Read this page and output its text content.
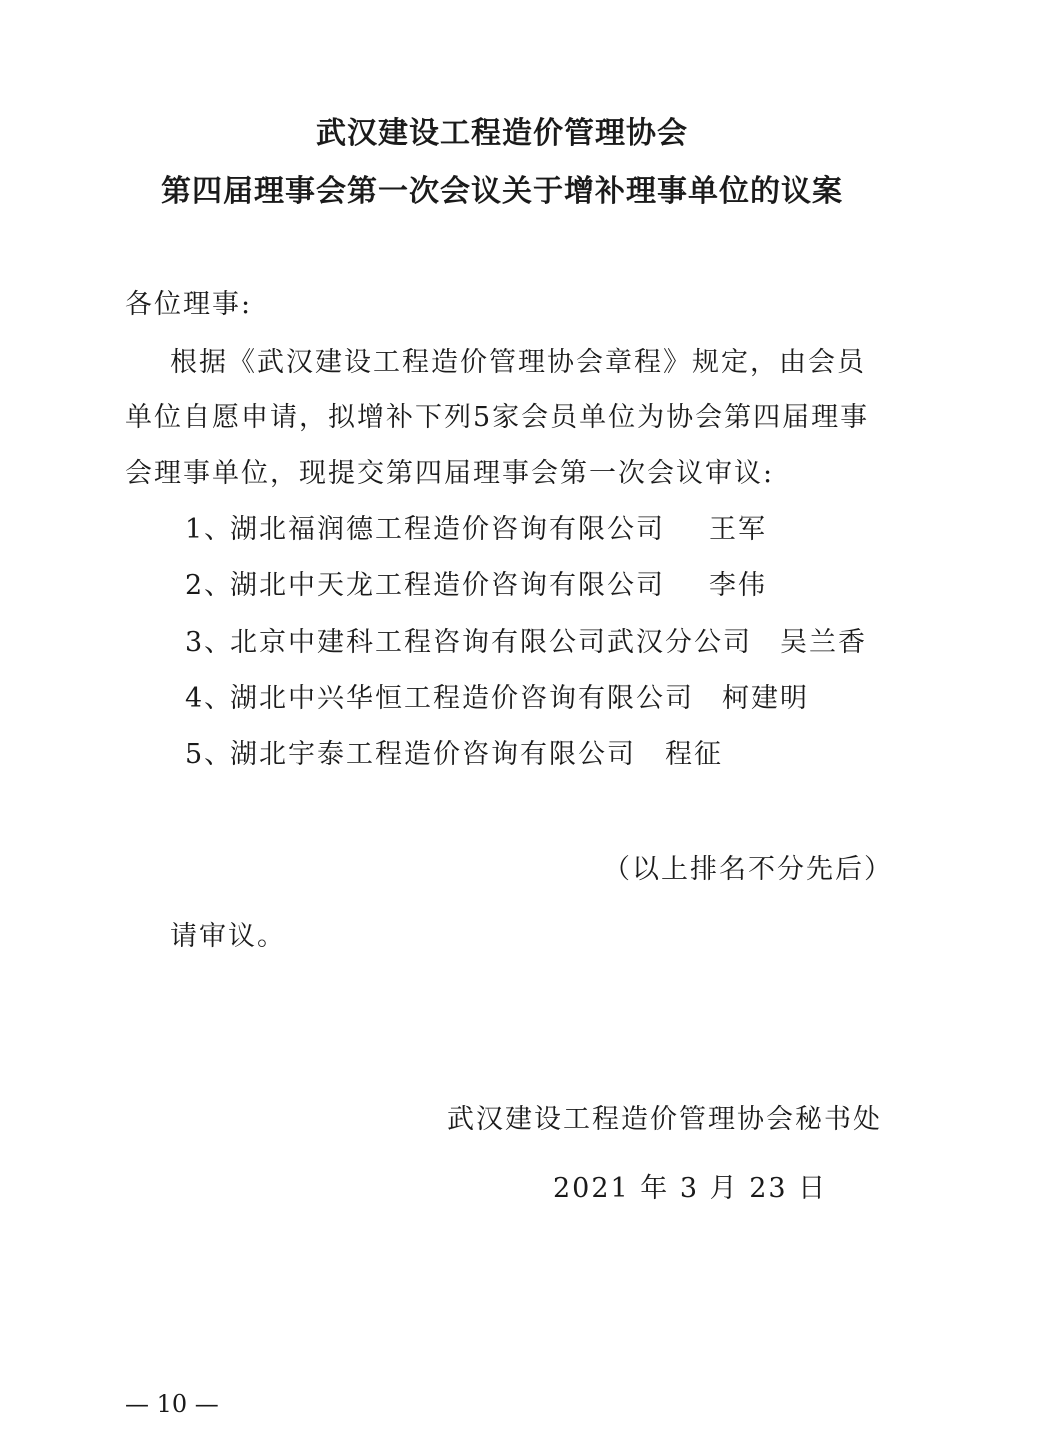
武汉建设工程造价管理协会
第四届理事会第一次会议关于增补理事单位的议案
各位理事:
根据《武汉建设工程造价管理协会章程》规定，由会员
单位自愿申请，拟增补下列5家会员单位为协会第四届理事
会理事单位，现提交第四届理事会第一次会议审议:
1、
湖北福润德工程造价咨询有限公司 王军
2、
湖北中天龙工程造价咨询有限公司 李伟
3、
北京中建科工程咨询有限公司武汉分公司 吴兰香
4、
湖北中兴华恒工程造价咨询有限公司 柯建明
5、
湖北宇泰工程造价咨询有限公司 程征
（以上排名不分先后）
请审议。
武汉建设工程造价管理协会秘书处
2021 年 3 月 23 日
— 10 —
